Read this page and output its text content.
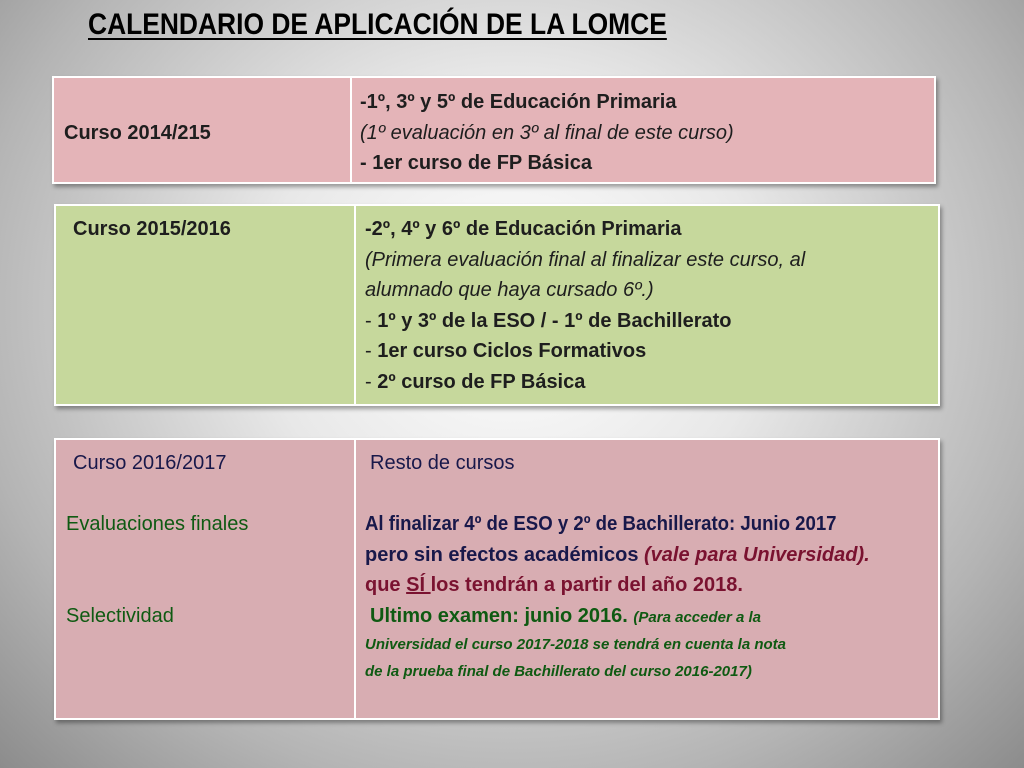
CALENDARIO DE APLICACIÓN DE LA LOMCE
Curso 2014/215
-1º, 3º y 5º de Educación Primaria
(1º evaluación en 3º al final de este curso)
- 1er curso de FP Básica
Curso 2015/2016	-2º, 4º y 6º de Educación Primaria
(Primera evaluación final al finalizar este curso, al
alumnado que haya cursado 6º.)
- 1º y 3º de la ESO / - 1º de Bachillerato
- 1er curso Ciclos Formativos
- 2º curso de FP Básica
Curso 2016/2017

Evaluaciones finales

Selectividad
Resto de cursos

Al finalizar 4º de ESO y 2º de Bachillerato: Junio 2017
pero sin efectos académicos (vale para Universidad).
que SÍ los tendrán a partir del año 2018.
Ultimo examen: junio 2016. (Para acceder a la
Universidad el curso 2017-2018 se tendrá en cuenta la nota
de la prueba final de Bachillerato del curso 2016-2017)
